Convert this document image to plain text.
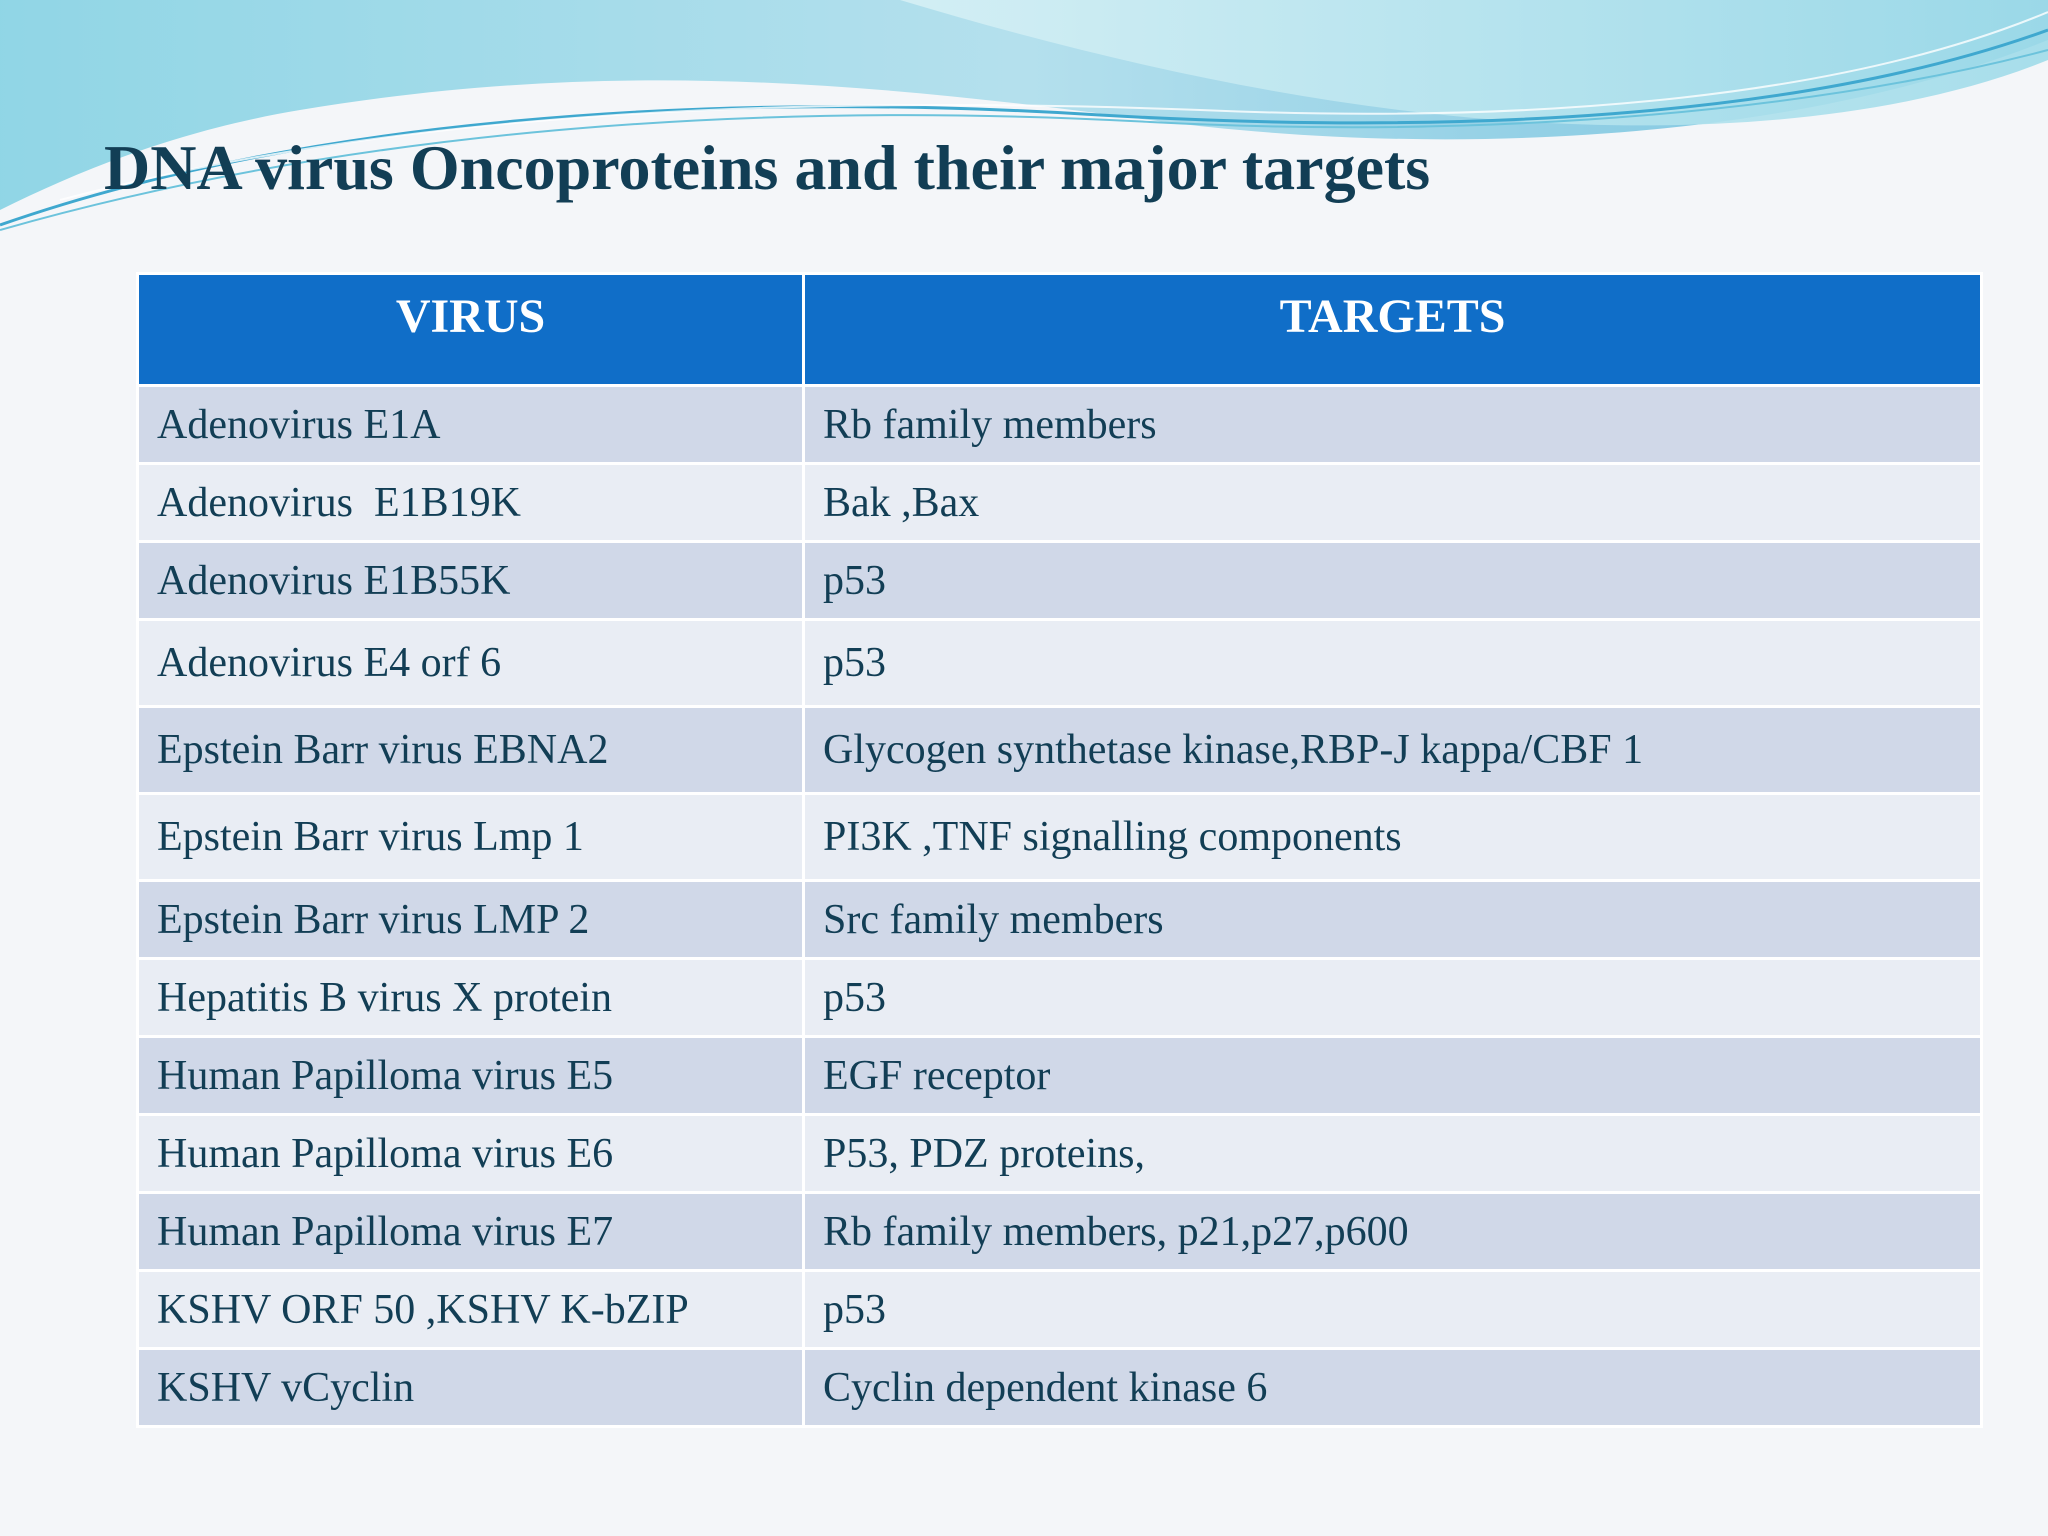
DNA virus Oncoproteins and their major targets
VIRUS	TARGETS
Adenovirus E1A	Rb family members
Adenovirus  E1B19K	Bak ,Bax
Adenovirus E1B55K	p53
Adenovirus E4 orf 6	p53
Epstein Barr virus EBNA2	Glycogen synthetase kinase,RBP-J kappa/CBF 1
Epstein Barr virus Lmp 1	PI3K ,TNF signalling components
Epstein Barr virus LMP 2	Src family members
Hepatitis B virus X protein	p53
Human Papilloma virus E5	EGF receptor
Human Papilloma virus E6	P53, PDZ proteins,
Human Papilloma virus E7	Rb family members, p21,p27,p600
KSHV ORF 50 ,KSHV K-bZIP	p53
KSHV vCyclin	Cyclin dependent kinase 6
